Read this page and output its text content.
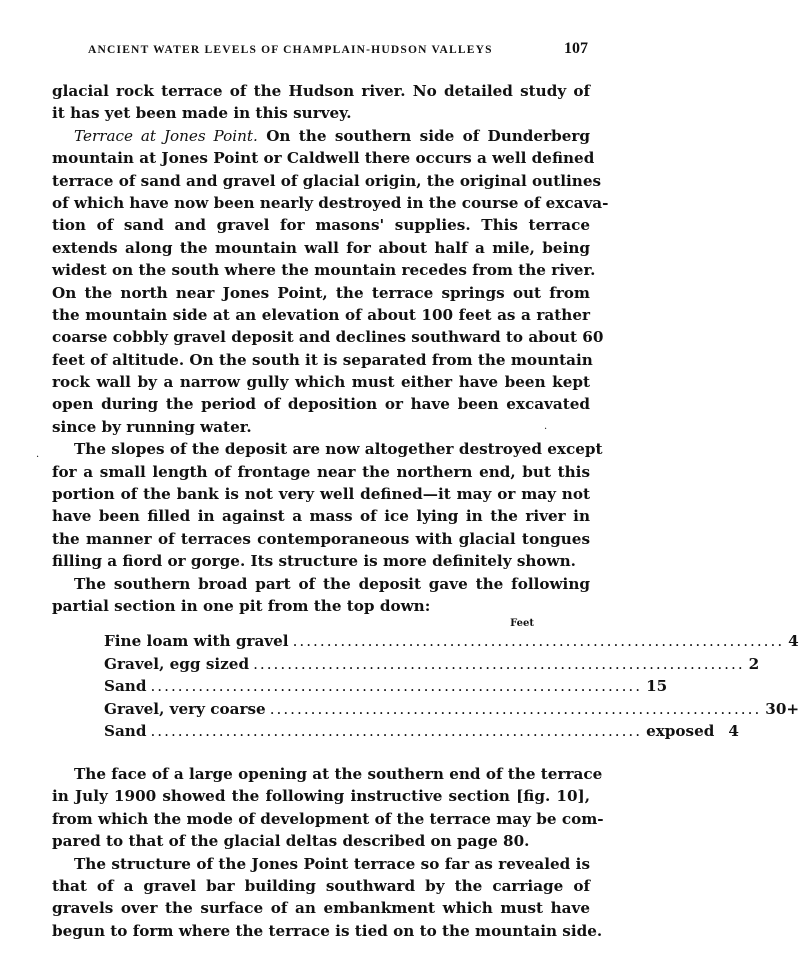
ANCIENT WATER LEVELS OF CHAMPLAIN-HUDSON VALLEYS	107
glacial rock terrace of the Hudson river. No detailed study of
it has yet been made in this survey.
Terrace at Jones Point. On the southern side of Dunderberg
mountain at Jones Point or Caldwell there occurs a well defined
terrace of sand and gravel of glacial origin, the original outlines
of which have now been nearly destroyed in the course of excava-
tion of sand and gravel for masons' supplies. This terrace
extends along the mountain wall for about half a mile, being
widest on the south where the mountain recedes from the river.
On the north near Jones Point, the terrace springs out from
the mountain side at an elevation of about 100 feet as a rather
coarse cobbly gravel deposit and declines southward to about 60
feet of altitude. On the south it is separated from the mountain
rock wall by a narrow gully which must either have been kept
open during the period of deposition or have been excavated
since by running water.
The slopes of the deposit are now altogether destroyed except
for a small length of frontage near the northern end, but this
portion of the bank is not very well defined—it may or may not
have been filled in against a mass of ice lying in the river in
the manner of terraces contemporaneous with glacial tongues
filling a fiord or gorge. Its structure is more definitely shown.
The southern broad part of the deposit gave the following
partial section in one pit from the top down:
Feet
Fine loam with gravel ........................................................................ 4
Gravel, egg sized ........................................................................ 2
Sand ........................................................................ 15
Gravel, very coarse ........................................................................ 30+
Sand ........................................................................ exposed 4
The face of a large opening at the southern end of the terrace
in July 1900 showed the following instructive section [fig. 10],
from which the mode of development of the terrace may be com-
pared to that of the glacial deltas described on page 80.
The structure of the Jones Point terrace so far as revealed is
that of a gravel bar building southward by the carriage of
gravels over the surface of an embankment which must have
begun to form where the terrace is tied on to the mountain side.
·
·
